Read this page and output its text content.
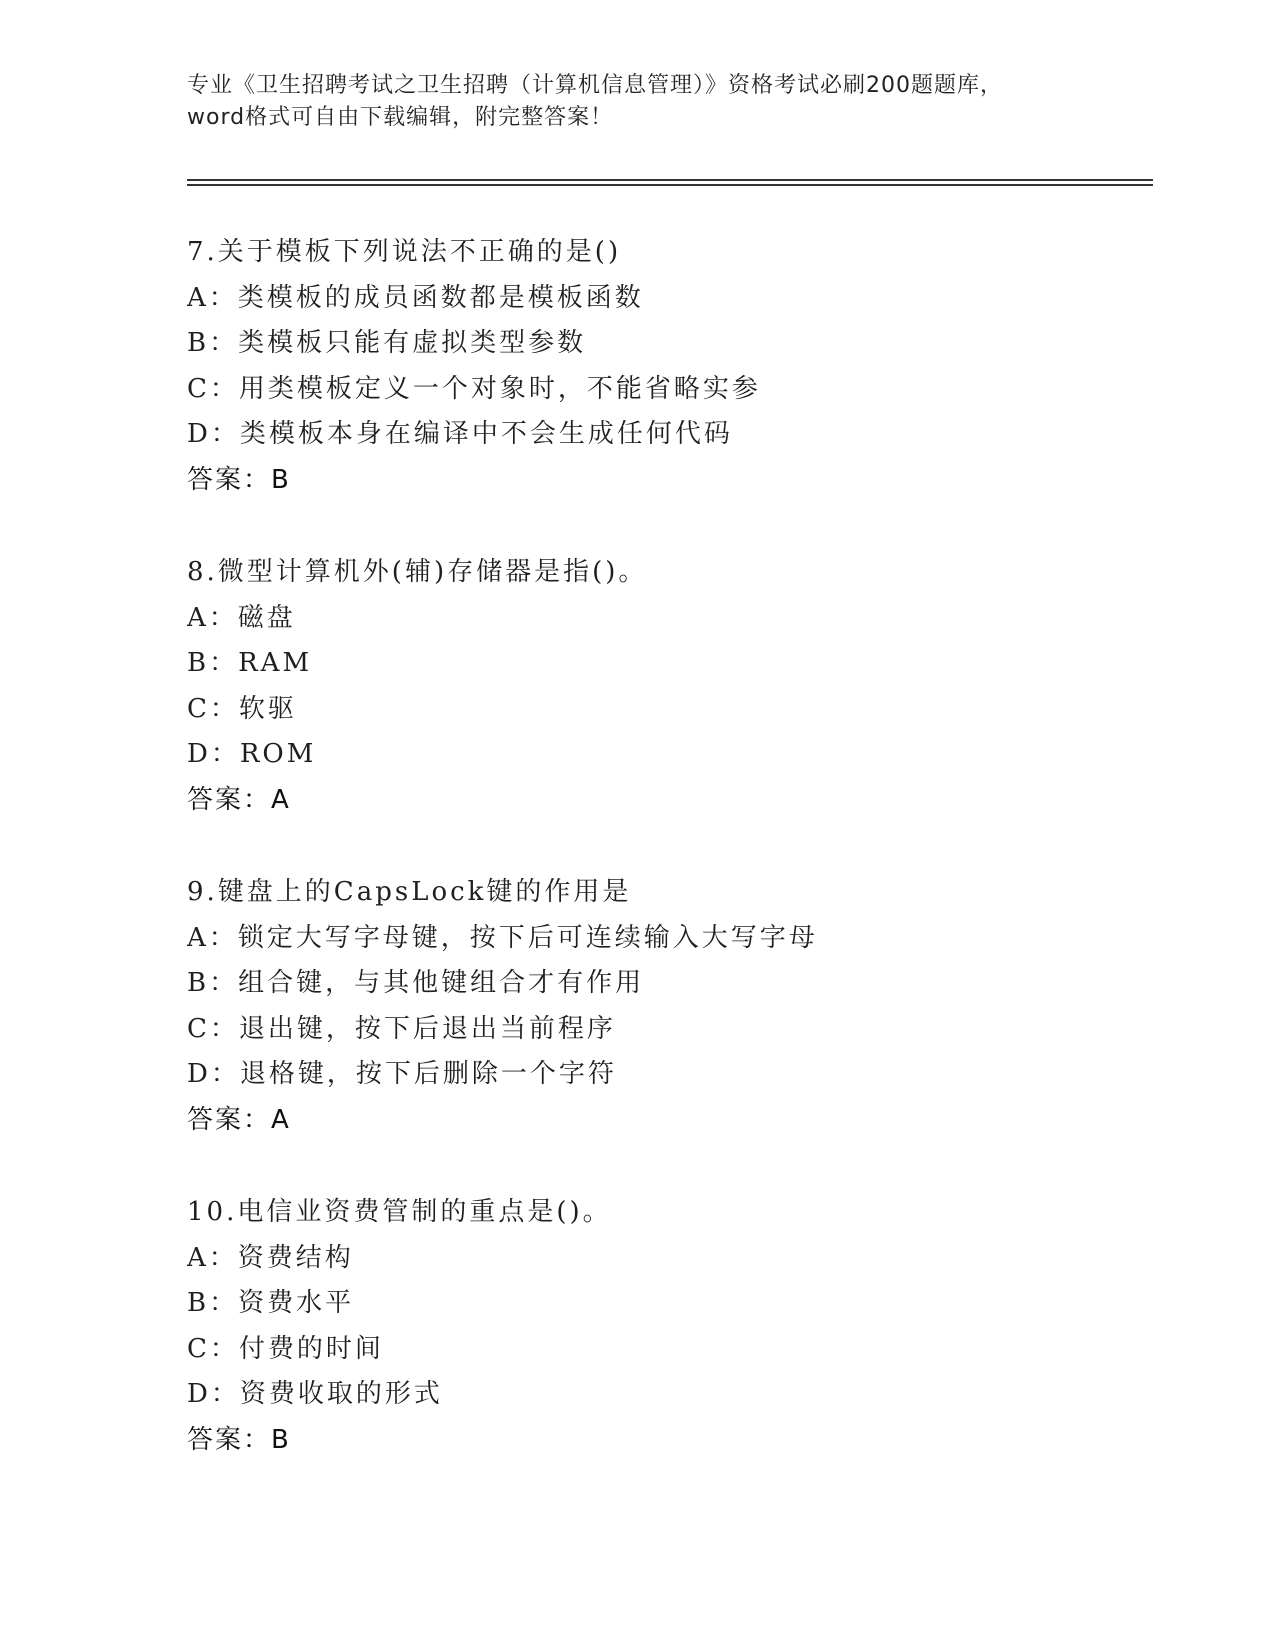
专业《卫生招聘考试之卫生招聘（计算机信息管理）》资格考试必刷200题题库，
word格式可自由下载编辑，附完整答案！
7.关于模板下列说法不正确的是()
A：类模板的成员函数都是模板函数
B：类模板只能有虚拟类型参数
C：用类模板定义一个对象时，不能省略实参
D：类模板本身在编译中不会生成任何代码
答案：B
8.微型计算机外(辅)存储器是指()。
A：磁盘
B：RAM
C：软驱
D：ROM
答案：A
9.键盘上的CapsLock键的作用是
A：锁定大写字母键，按下后可连续输入大写字母
B：组合键，与其他键组合才有作用
C：退出键，按下后退出当前程序
D：退格键，按下后删除一个字符
答案：A
10.电信业资费管制的重点是()。
A：资费结构
B：资费水平
C：付费的时间
D：资费收取的形式
答案：B
